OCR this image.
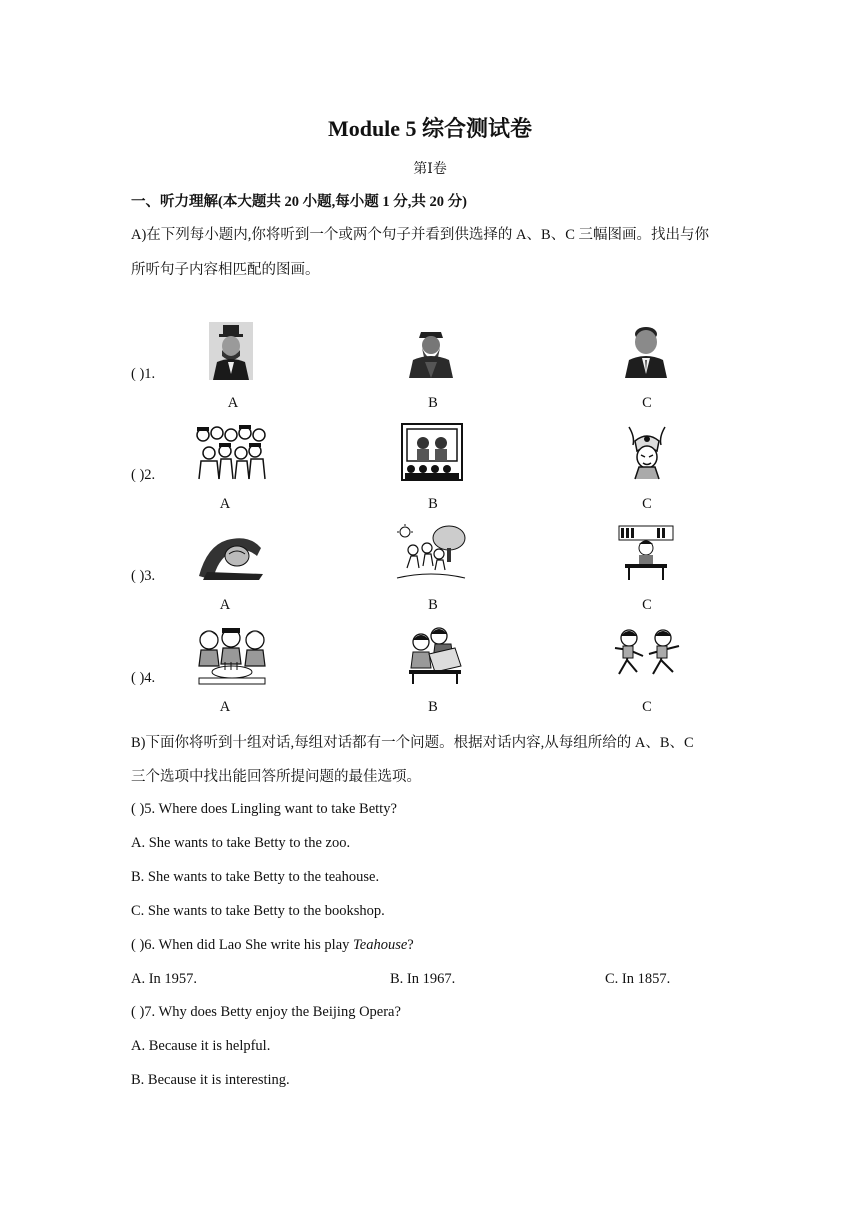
Module 5 综合测试卷
第Ⅰ卷
一、听力理解(本大题共 20 小题,每小题 1 分,共 20 分)
A)在下列每小题内,你将听到一个或两个句子并看到供选择的 A、B、C 三幅图画。找出与你
所听句子内容相匹配的图画。
( )1.
A	B	C
( )2.
A	B	C
( )3.
A	B	C
( )4.
A	B	C
B)下面你将听到十组对话,每组对话都有一个问题。根据对话内容,从每组所给的 A、B、C
三个选项中找出能回答所提问题的最佳选项。
( )5. Where does Lingling want to take Betty?
A. She wants to take Betty to the zoo.
B. She wants to take Betty to the teahouse.
C. She wants to take Betty to the bookshop.
( )6. When did Lao She write his play Teahouse?
A. In 1957.	B. In 1967.	C. In 1857.
( )7. Why does Betty enjoy the Beijing Opera?
A. Because it is helpful.
B. Because it is interesting.
